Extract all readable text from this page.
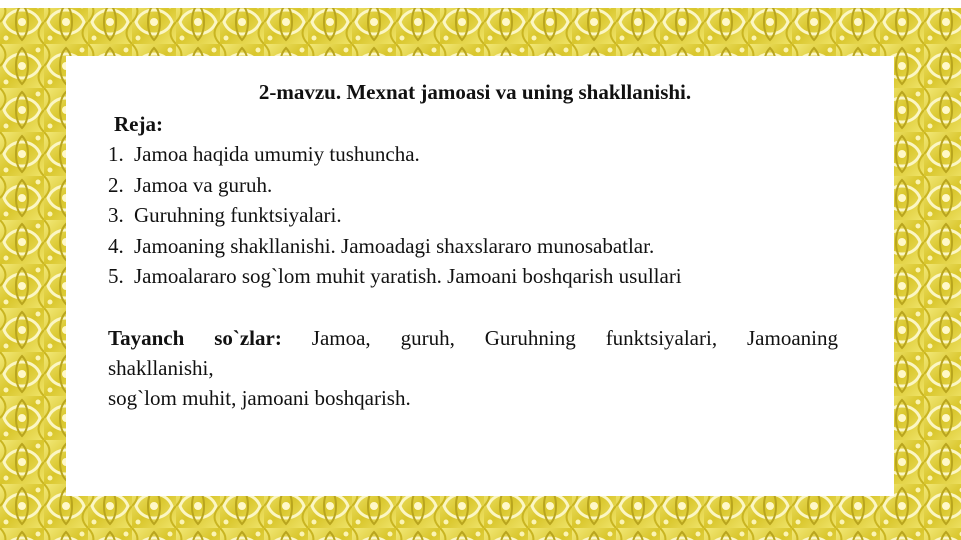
2-mavzu. Mexnat jamoasi va uning shakllanishi.
Reja:
1. Jamoa haqida umumiy tushuncha.
2. Jamoa va guruh.
3. Guruhning funktsiyalari.
4. Jamoaning shakllanishi. Jamoadagi shaxslararo munosabatlar.
5. Jamoalararo sog`lom muhit yaratish. Jamoani boshqarish usullari
Tayanch so`zlar: Jamoa, guruh, Guruhning funktsiyalari, Jamoaning
shakllanishi,
sog`lom muhit, jamoani boshqarish.
